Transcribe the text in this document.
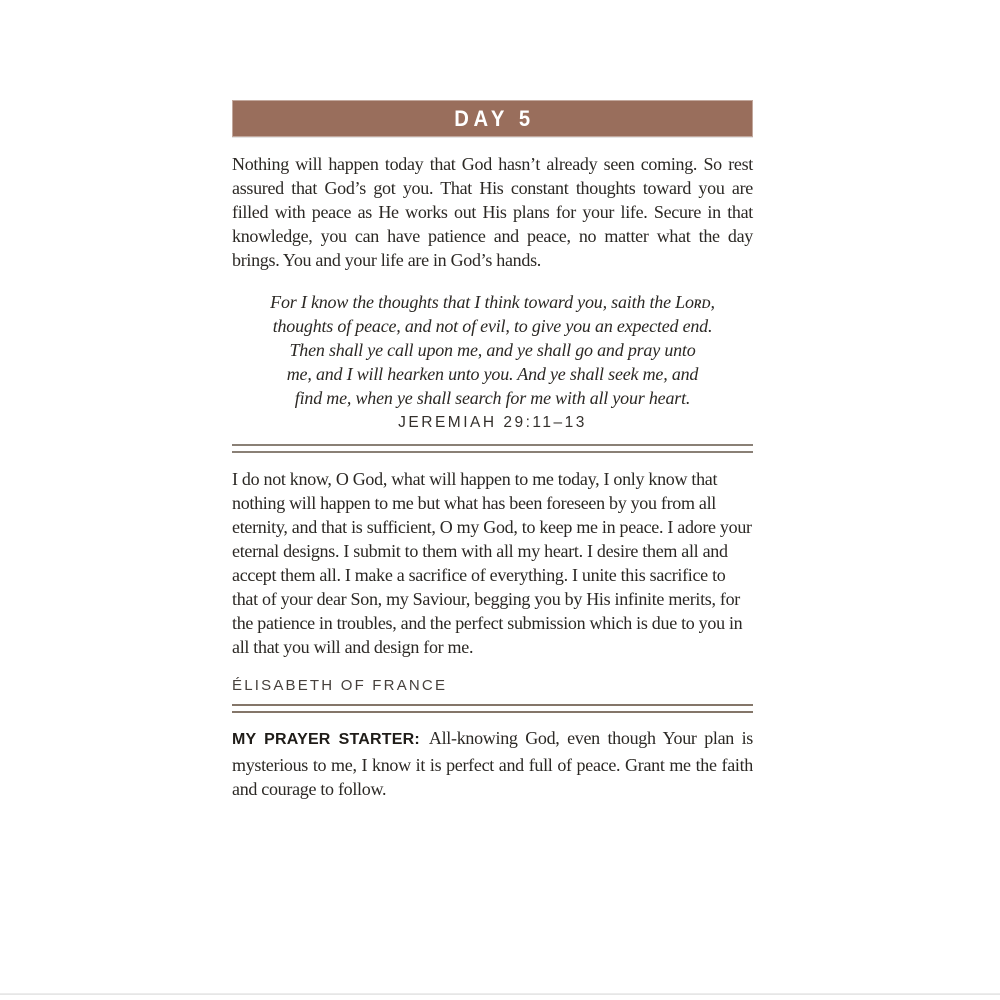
DAY 5

Nothing will happen today that God hasn’t already seen coming. So rest assured that God’s got you. That His constant thoughts toward you are filled with peace as He works out His plans for your life. Secure in that knowledge, you can have patience and peace, no matter what the day brings. You and your life are in God’s hands.

For I know the thoughts that I think toward you, saith the Lᴏʀᴅ,
thoughts of peace, and not of evil, to give you an expected end.
Then shall ye call upon me, and ye shall go and pray unto
me, and I will hearken unto you. And ye shall seek me, and
find me, when ye shall search for me with all your heart.
JEREMIAH 29:11–13

I do not know, O God, what will happen to me today, I only know that nothing will happen to me but what has been foreseen by you from all eternity, and that is sufficient, O my God, to keep me in peace. I adore your eternal designs. I submit to them with all my heart. I desire them all and accept them all. I make a sacrifice of everything. I unite this sacrifice to that of your dear Son, my Saviour, begging you by His infinite merits, for the patience in troubles, and the perfect submission which is due to you in all that you will and design for me.

ÉLISABETH OF FRANCE

MY PRAYER STARTER: All-knowing God, even though Your plan is mysterious to me, I know it is perfect and full of peace. Grant me the faith and courage to follow.
